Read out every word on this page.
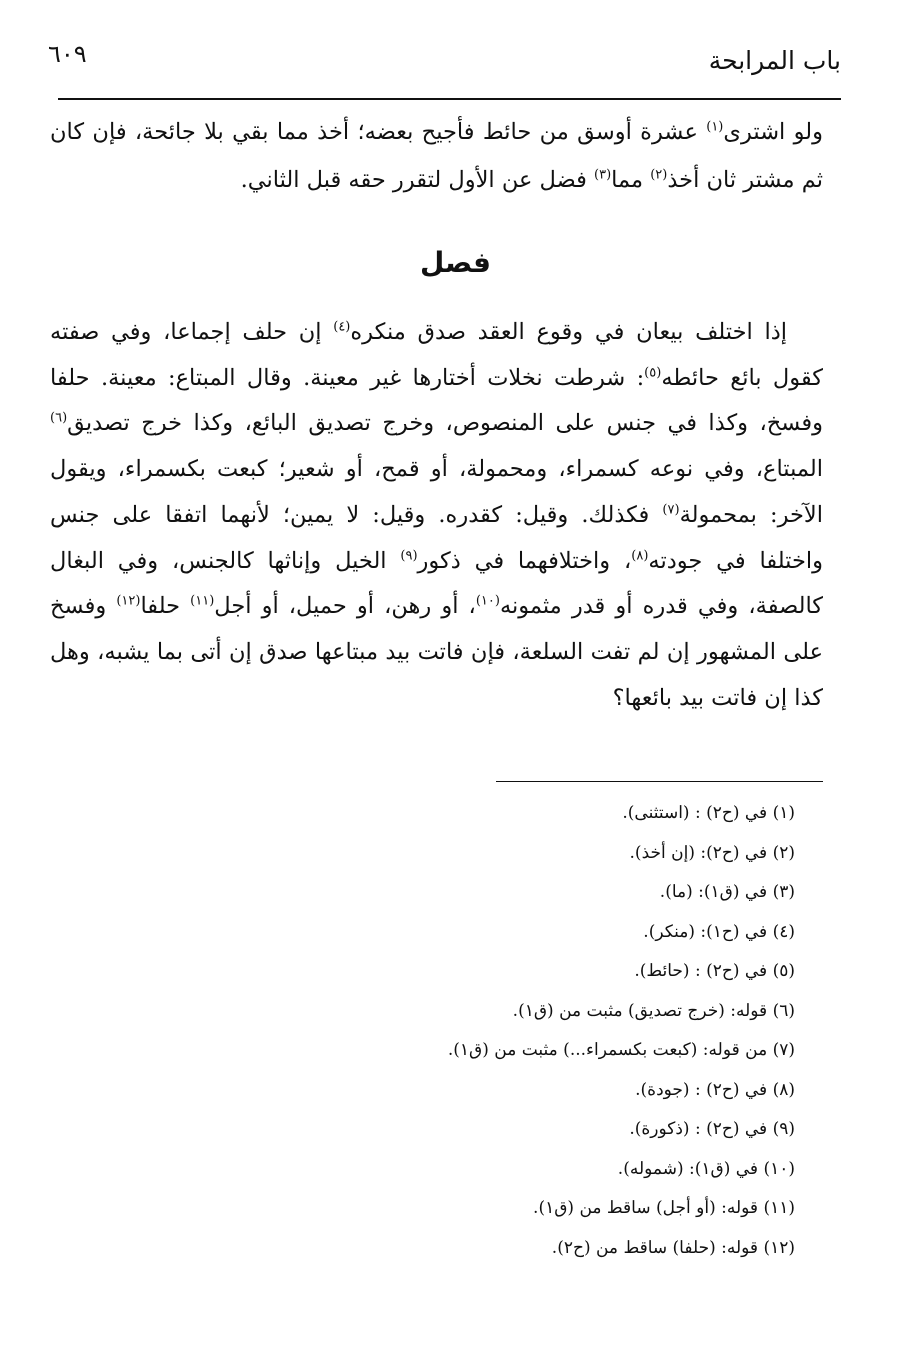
باب المرابحة
٦٠٩

ولو اشترى$^{(١)}$ عشرة أوسق من حائط فأجيح بعضه؛ أخذ مما بقي بلا جائحة، فإن كان ثم مشتر ثان أخذ$^{(٢)}$ مما$^{(٣)}$ فضل عن الأول لتقرر حقه قبل الثاني.

فصل

إذا اختلف بيعان في وقوع العقد صدق منكره$^{(٤)}$ إن حلف إجماعا، وفي صفته كقول بائع حائطه$^{(٥)}$: شرطت نخلات أختارها غير معينة. وقال المبتاع: معينة. حلفا وفسخ، وكذا في جنس على المنصوص، وخرج تصديق البائع، وكذا خرج تصديق$^{(٦)}$ المبتاع، وفي نوعه كسمراء، ومحمولة، أو قمح، أو شعير؛ كبعت بكسمراء، ويقول الآخر: بمحمولة$^{(٧)}$ فكذلك. وقيل: كقدره. وقيل: لا يمين؛ لأنهما اتفقا على جنس واختلفا في جودته$^{(٨)}$، واختلافهما في ذكور$^{(٩)}$ الخيل وإناثها كالجنس، وفي البغال كالصفة، وفي قدره أو قدر مثمونه$^{(١٠)}$، أو رهن، أو حميل، أو أجل$^{(١١)}$ حلفا$^{(١٢)}$ وفسخ على المشهور إن لم تفت السلعة، فإن فاتت بيد مبتاعها صدق إن أتى بما يشبه، وهل كذا إن فاتت بيد بائعها؟

(١) في (ح٢) : (استثنى).
(٢) في (ح٢): (إن أخذ).
(٣) في (ق١): (ما).
(٤) في (ح١): (منكر).
(٥) في (ح٢) : (حائط).
(٦) قوله: (خرج تصديق) مثبت من (ق١).
(٧) من قوله: (كبعت بكسمراء...) مثبت من (ق١).
(٨) في (ح٢) : (جودة).
(٩) في (ح٢) : (ذكورة).
(١٠) في (ق١): (شموله).
(١١) قوله: (أو أجل) ساقط من (ق١).
(١٢) قوله: (حلفا) ساقط من (ح٢).
